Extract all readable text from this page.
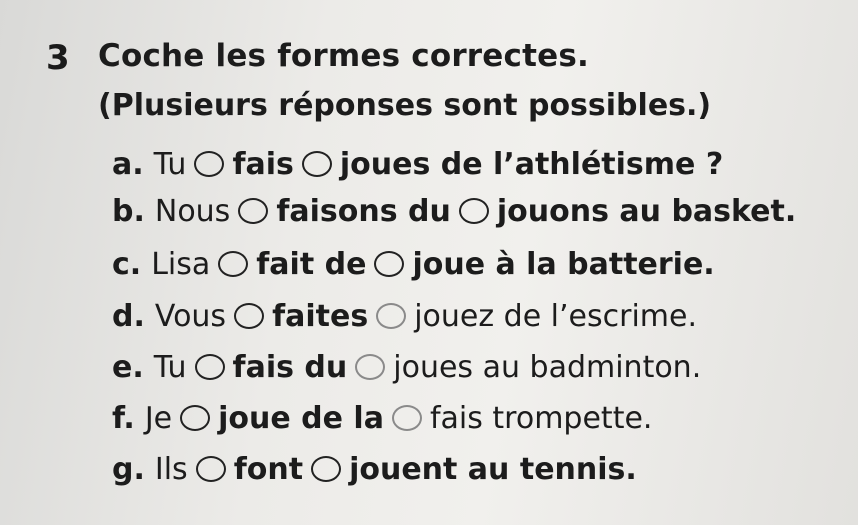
3 Coche les formes correctes.
(Plusieurs réponses sont possibles.)
a. Tu fais joues de l’athlétisme ?
b. Nous faisons du jouons au basket.
c. Lisa fait de joue à la batterie.
d. Vous faites jouez de l’escrime.
e. Tu fais du joues au badminton.
f. Je joue de la fais trompette.
g. Ils font jouent au tennis.
